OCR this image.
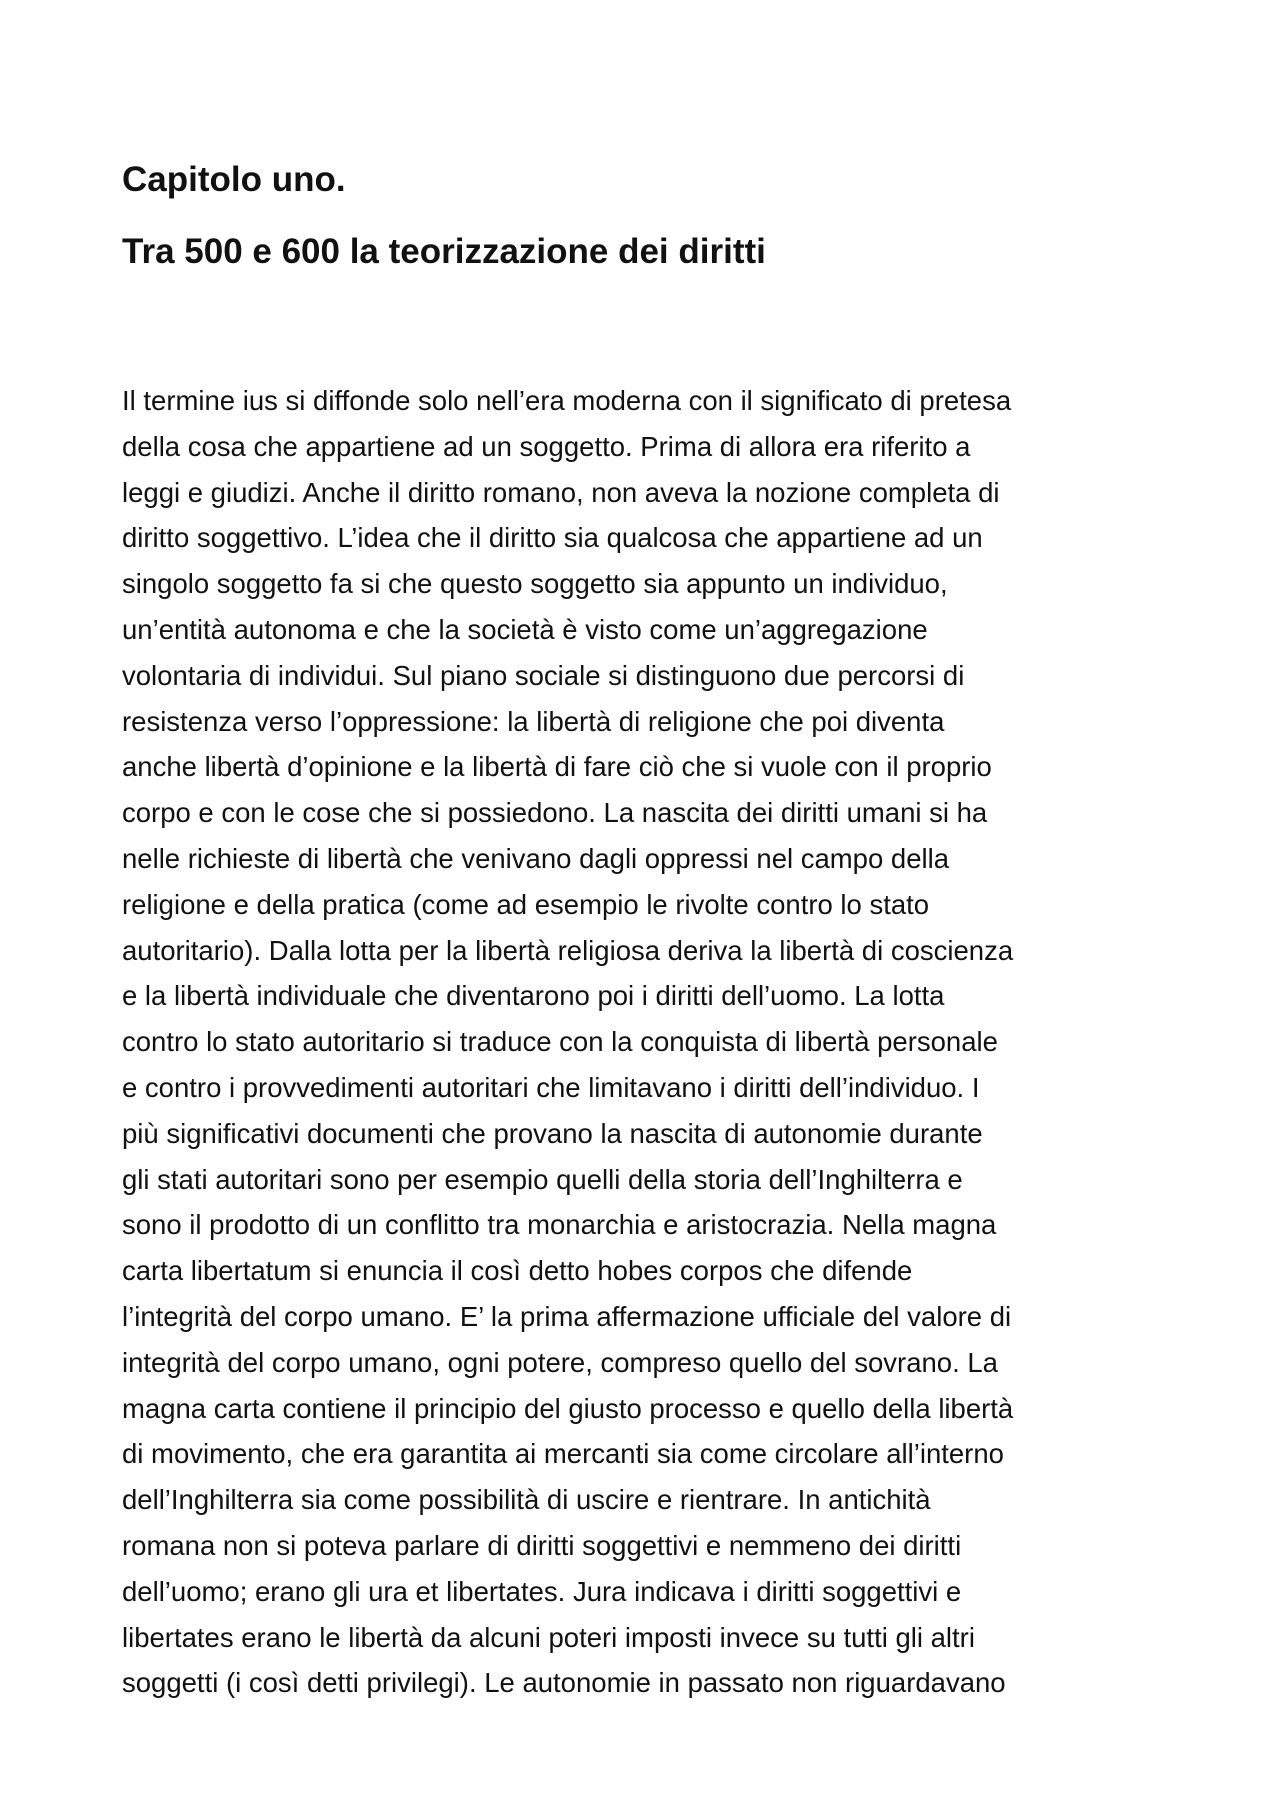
Capitolo uno.
Tra 500 e 600 la teorizzazione dei diritti
Il termine ius si diffonde solo nell’era moderna con il significato di pretesa
della cosa che appartiene ad un soggetto. Prima di allora era riferito a
leggi e giudizi. Anche il diritto romano, non aveva la nozione completa di
diritto soggettivo. L’idea che il diritto sia qualcosa che appartiene ad un
singolo soggetto fa si che questo soggetto sia appunto un individuo,
un’entità autonoma e che la società è visto come un’aggregazione
volontaria di individui. Sul piano sociale si distinguono due percorsi di
resistenza verso l’oppressione: la libertà di religione che poi diventa
anche libertà d’opinione e la libertà di fare ciò che si vuole con il proprio
corpo e con le cose che si possiedono. La nascita dei diritti umani si ha
nelle richieste di libertà che venivano dagli oppressi nel campo della
religione e della pratica (come ad esempio le rivolte contro lo stato
autoritario). Dalla lotta per la libertà religiosa deriva la libertà di coscienza
e la libertà individuale che diventarono poi i diritti dell’uomo. La lotta
contro lo stato autoritario si traduce con la conquista di libertà personale
e contro i provvedimenti autoritari che limitavano i diritti dell’individuo. I
più significativi documenti che provano la nascita di autonomie durante
gli stati autoritari sono per esempio quelli della storia dell’Inghilterra e
sono il prodotto di un conflitto tra monarchia e aristocrazia. Nella magna
carta libertatum si enuncia il così detto hobes corpos che difende
l’integrità del corpo umano. E’ la prima affermazione ufficiale del valore di
integrità del corpo umano, ogni potere, compreso quello del sovrano. La
magna carta contiene il principio del giusto processo e quello della libertà
di movimento, che era garantita ai mercanti sia come circolare all’interno
dell’Inghilterra sia come possibilità di uscire e rientrare. In antichità
romana non si poteva parlare di diritti soggettivi e nemmeno dei diritti
dell’uomo; erano gli ura et libertates. Jura indicava i diritti soggettivi e
libertates erano le libertà da alcuni poteri imposti invece su tutti gli altri
soggetti (i così detti privilegi). Le autonomie in passato non riguardavano
